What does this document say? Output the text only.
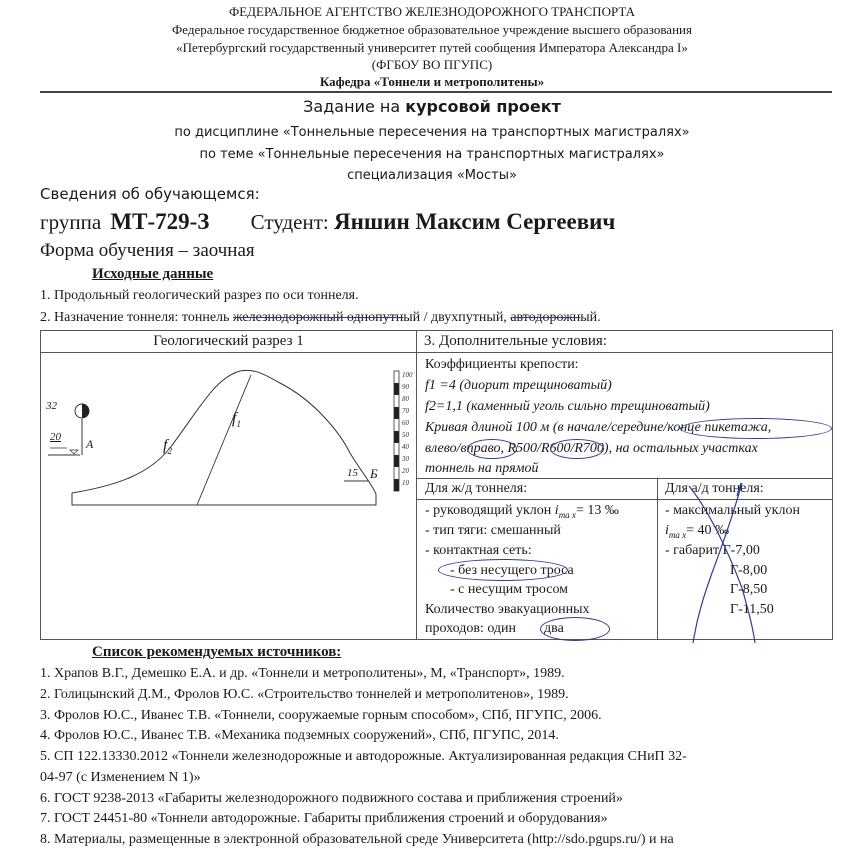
ФЕДЕРАЛЬНОЕ АГЕНТСТВО ЖЕЛЕЗНОДОРОЖНОГО ТРАНСПОРТА
Федеральное государственное бюджетное образовательное учреждение высшего образования
«Петербургский государственный университет путей сообщения Императора Александра I»
(ФГБОУ ВО ПГУПС)
Кафедра «Тоннели и метрополитены»
Задание на курсовой проект
по дисциплине «Тоннельные пересечения на транспортных магистралях»
по теме «Тоннельные пересечения на транспортных магистралях»
специализация «Мосты»
Сведения об обучающемся:
группа МТ-729-З Студент: Яншин Максим Сергеевич
Форма обучения – заочная
Исходные данные
1. Продольный геологический разрез по оси тоннеля.
2. Назначение тоннеля: тоннель железнодорожный однопутный / двухпутный, автодорожный.
Геологический разрез 1	3. Дополнительные условия:
32
20 А	$f_2$
$f_1$
15 Б
100
90
80
70
60
50
40
30
20
10
Коэффициенты крепости:
f1 =4 (диорит трещиноватый)
f2=1,1 (каменный уголь сильно трещиноватый)
Кривая длиной 100 м (в начале/середине/конце пикетажа,
влево/вправо, R500/R600/R700), на остальных участках
тоннель на прямой
Для ж/д тоннеля:
- руководящий уклон $i_{ma x}= 13$ ‰
- тип тяги: смешанный
- контактная сеть:
- без несущего троса
- с несущим тросом
Количество эвакуационных
проходов: один два
Для а/д тоннеля:
- максимальный уклон
$i_{ma x}= 40$ ‰
- габарит Г-7,00
Г-8,00
Г-8,50
Г-11,50
Список рекомендуемых источников:
1. Храпов В.Г., Демешко Е.А. и др. «Тоннели и метрополитены», М, «Транспорт», 1989.
2. Голицынский Д.М., Фролов Ю.С. «Строительство тоннелей и метрополитенов», 1989.
3. Фролов Ю.С., Иванес Т.В. «Тоннели, сооружаемые горным способом», СПб, ПГУПС, 2006.
4. Фролов Ю.С., Иванес Т.В. «Механика подземных сооружений», СПб, ПГУПС, 2014.
5. СП 122.13330.2012 «Тоннели железнодорожные и автодорожные. Актуализированная редакция СНиП 32-
04-97 (с Изменением N 1)»
6. ГОСТ 9238-2013 «Габариты железнодорожного подвижного состава и приближения строений»
7. ГОСТ 24451-80 «Тоннели автодорожные. Габариты приближения строений и оборудования»
8. Материалы, размещенные в электронной образовательной среде Университета (http://sdo.pgups.ru/) и на
